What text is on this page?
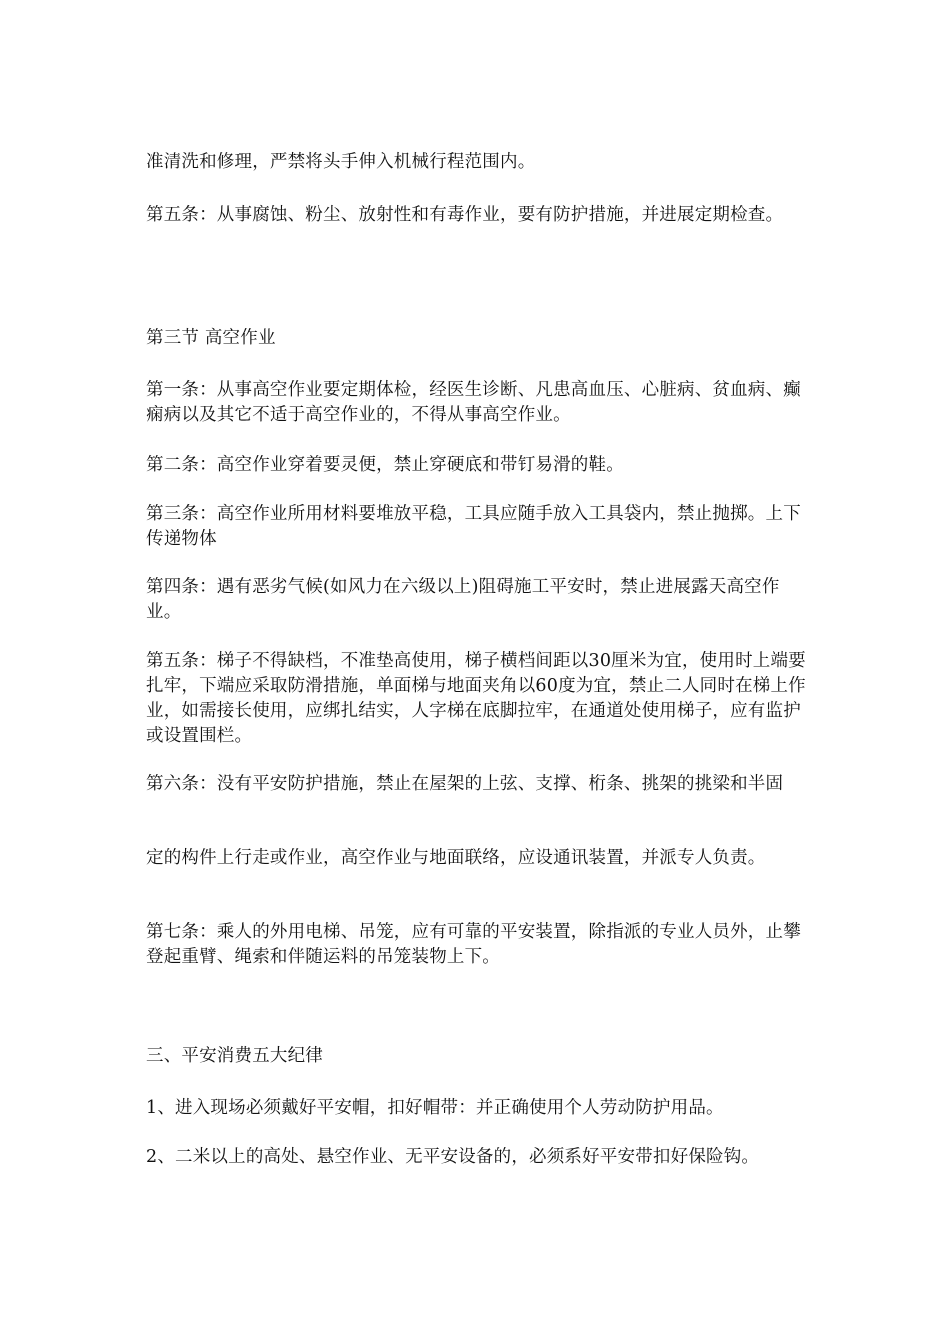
准清洗和修理，严禁将头手伸入机械行程范围内。

第五条：从事腐蚀、粉尘、放射性和有毒作业，要有防护措施，并进展定期检查。

第三节 高空作业

第一条：从事高空作业要定期体检，经医生诊断、凡患高血压、心脏病、贫血病、癫痫病以及其它不适于高空作业的，不得从事高空作业。

第二条：高空作业穿着要灵便，禁止穿硬底和带钉易滑的鞋。

第三条：高空作业所用材料要堆放平稳，工具应随手放入工具袋内，禁止抛掷。上下传递物体

第四条：遇有恶劣气候(如风力在六级以上)阻碍施工平安时，禁止进展露天高空作业。

第五条：梯子不得缺档，不准垫高使用，梯子横档间距以30厘米为宜，使用时上端要扎牢，下端应采取防滑措施，单面梯与地面夹角以60度为宜，禁止二人同时在梯上作业，如需接长使用，应绑扎结实，人字梯在底脚拉牢，在通道处使用梯子，应有监护或设置围栏。

第六条：没有平安防护措施，禁止在屋架的上弦、支撑、桁条、挑架的挑梁和半固

定的构件上行走或作业，高空作业与地面联络，应设通讯装置，并派专人负责。

第七条：乘人的外用电梯、吊笼，应有可靠的平安装置，除指派的专业人员外，止攀登起重臂、绳索和伴随运料的吊笼装物上下。

三、平安消费五大纪律

1、进入现场必须戴好平安帽，扣好帽带：并正确使用个人劳动防护用品。

2、二米以上的高处、悬空作业、无平安设备的，必须系好平安带扣好保险钩。
